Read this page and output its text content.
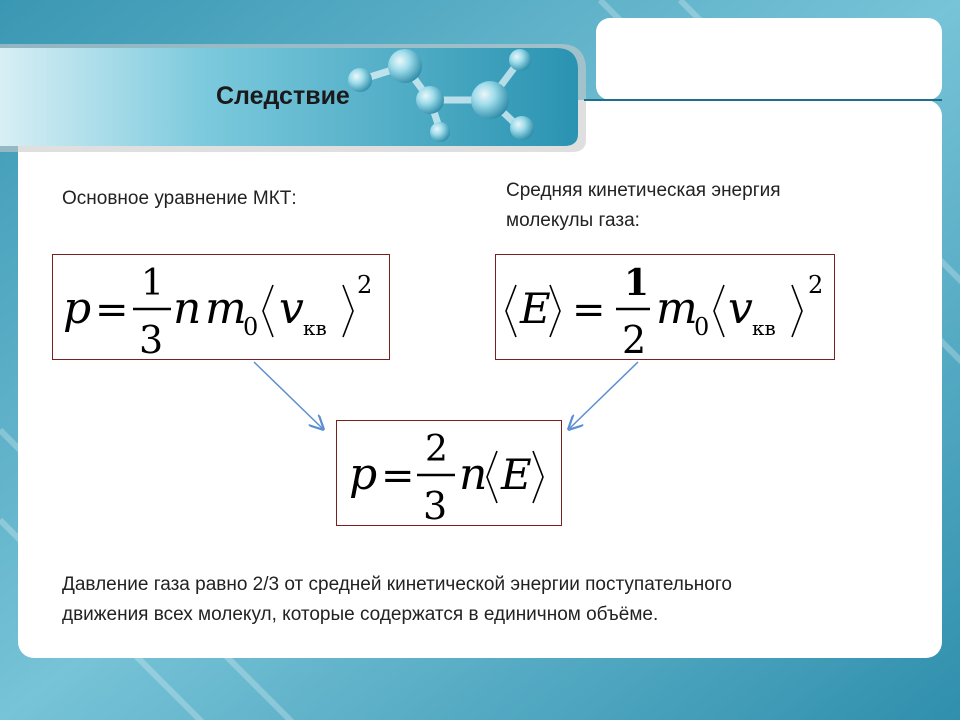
Следствие
Основное уравнение МКТ:	Средняя кинетическая энергия
молекулы газа:
p =
1
3
n m
0 v кв
2	E =
1
2
m
0 v кв
2
p =
2
3
n E
Давление газа равно 2/3 от средней кинетической энергии поступательного
движения всех молекул, которые содержатся в единичном объёме.
